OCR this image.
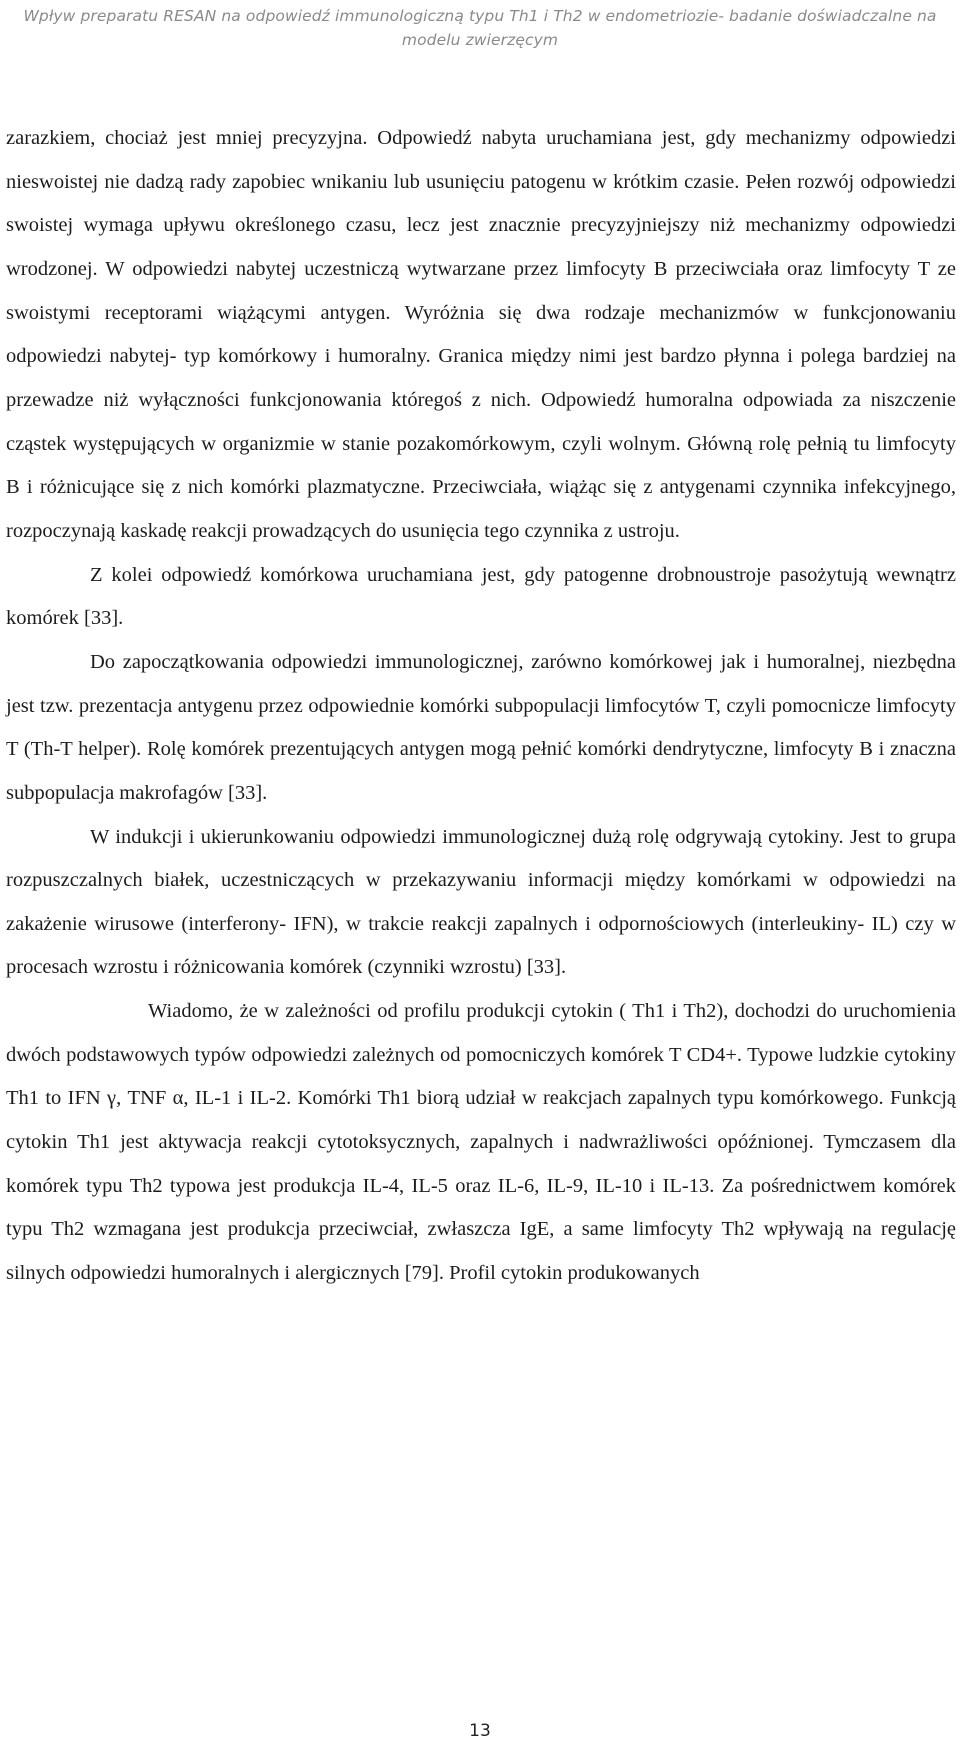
Wpływ preparatu RESAN na odpowiedź immunologiczną typu Th1 i Th2 w endometriozie- badanie doświadczalne na modelu zwierzęcym

zarazkiem, chociaż jest mniej precyzyjna. Odpowiedź nabyta uruchamiana jest, gdy mechanizmy odpowiedzi nieswoistej nie dadzą rady zapobiec wnikaniu lub usunięciu patogenu w krótkim czasie. Pełen rozwój odpowiedzi swoistej wymaga upływu określonego czasu, lecz jest znacznie precyzyjniejszy niż mechanizmy odpowiedzi wrodzonej. W odpowiedzi nabytej uczestniczą wytwarzane przez limfocyty B przeciwciała oraz limfocyty T ze swoistymi receptorami wiążącymi antygen. Wyróżnia się dwa rodzaje mechanizmów w funkcjonowaniu odpowiedzi nabytej- typ komórkowy i humoralny. Granica między nimi jest bardzo płynna i polega bardziej na przewadze niż wyłączności funkcjonowania któregoś z nich. Odpowiedź humoralna odpowiada za niszczenie cząstek występujących w organizmie w stanie pozakomórkowym, czyli wolnym. Główną rolę pełnią tu limfocyty B i różnicujące się z nich komórki plazmatyczne. Przeciwciała, wiążąc się z antygenami czynnika infekcyjnego, rozpoczynają kaskadę reakcji prowadzących do usunięcia tego czynnika z ustroju.

Z kolei odpowiedź komórkowa uruchamiana jest, gdy patogenne drobnoustroje pasożytują wewnątrz komórek [33].

Do zapoczątkowania odpowiedzi immunologicznej, zarówno komórkowej jak i humoralnej, niezbędna jest tzw. prezentacja antygenu przez odpowiednie komórki subpopulacji limfocytów T, czyli pomocnicze limfocyty T (Th-T helper). Rolę komórek prezentujących antygen mogą pełnić komórki dendrytyczne, limfocyty B i znaczna subpopulacja makrofagów [33].

W indukcji i ukierunkowaniu odpowiedzi immunologicznej dużą rolę odgrywają cytokiny. Jest to grupa rozpuszczalnych białek, uczestniczących w przekazywaniu informacji między komórkami w odpowiedzi na zakażenie wirusowe (interferony- IFN), w trakcie reakcji zapalnych i odpornościowych (interleukiny- IL) czy w procesach wzrostu i różnicowania komórek (czynniki wzrostu) [33].

Wiadomo, że w zależności od profilu produkcji cytokin ( Th1 i Th2), dochodzi do uruchomienia dwóch podstawowych typów odpowiedzi zależnych od pomocniczych komórek T CD4+. Typowe ludzkie cytokiny Th1 to IFN γ, TNF α, IL-1 i IL-2. Komórki Th1 biorą udział w reakcjach zapalnych typu komórkowego. Funkcją cytokin Th1 jest aktywacja reakcji cytotoksycznych, zapalnych i nadwrażliwości opóźnionej. Tymczasem dla komórek typu Th2 typowa jest produkcja IL-4, IL-5 oraz IL-6, IL-9, IL-10 i IL-13. Za pośrednictwem komórek typu Th2 wzmagana jest produkcja przeciwciał, zwłaszcza IgE, a same limfocyty Th2 wpływają na regulację silnych odpowiedzi humoralnych i alergicznych [79]. Profil cytokin produkowanych

13
